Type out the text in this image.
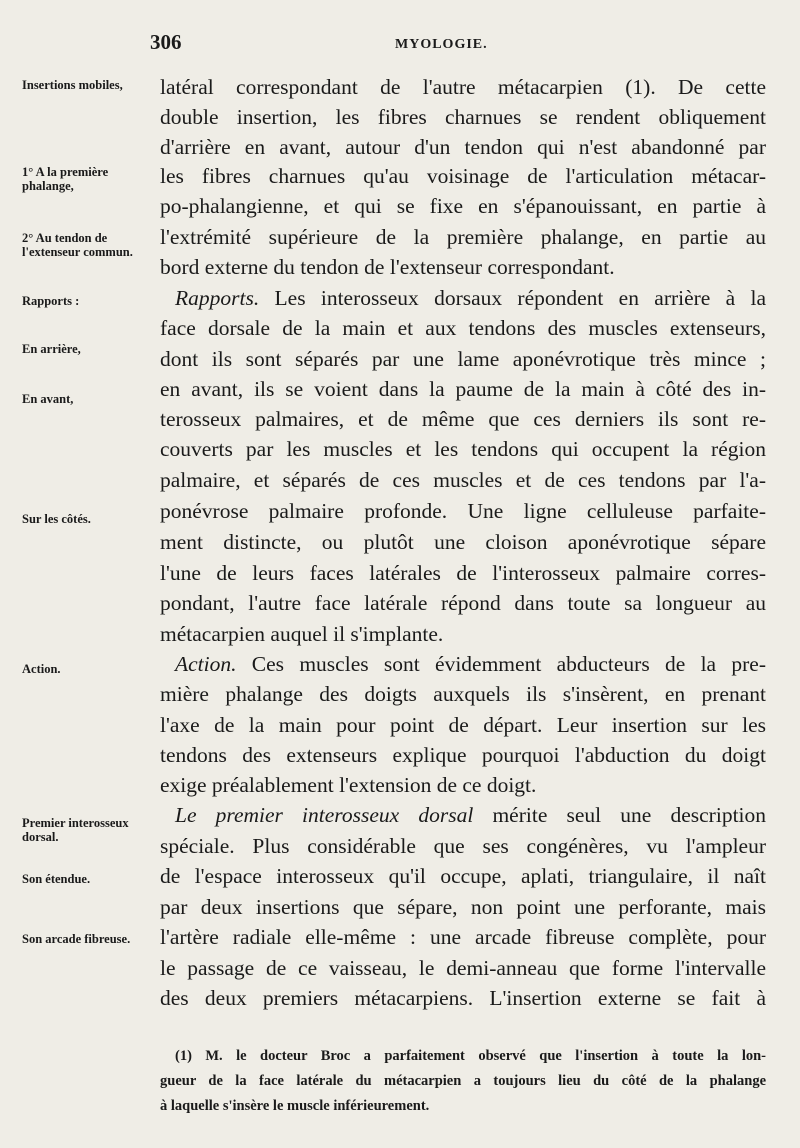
306	MYOLOGIE.
Insertions mobiles,
1° A la première phalange,
2° Au tendon de l'extenseur commun.
Rapports :
En arrière,
En avant,
Sur les côtés.
Action.
Premier interosseux dorsal.
Son étendue.
Son arcade fibreuse.
latéral correspondant de l'autre métacarpien (1). De cette
double insertion, les fibres charnues se rendent obliquement
d'arrière en avant, autour d'un tendon qui n'est abandonné par
les fibres charnues qu'au voisinage de l'articulation métacar-
po-phalangienne, et qui se fixe en s'épanouissant, en partie à
l'extrémité supérieure de la première phalange, en partie au
bord externe du tendon de l'extenseur correspondant.
Rapports. Les interosseux dorsaux répondent en arrière à la
face dorsale de la main et aux tendons des muscles extenseurs,
dont ils sont séparés par une lame aponévrotique très mince ;
en avant, ils se voient dans la paume de la main à côté des in-
terosseux palmaires, et de même que ces derniers ils sont re-
couverts par les muscles et les tendons qui occupent la région
palmaire, et séparés de ces muscles et de ces tendons par l'a-
ponévrose palmaire profonde. Une ligne celluleuse parfaite-
ment distincte, ou plutôt une cloison aponévrotique sépare
l'une de leurs faces latérales de l'interosseux palmaire corres-
pondant, l'autre face latérale répond dans toute sa longueur au
métacarpien auquel il s'implante.
Action. Ces muscles sont évidemment abducteurs de la pre-
mière phalange des doigts auxquels ils s'insèrent, en prenant
l'axe de la main pour point de départ. Leur insertion sur les
tendons des extenseurs explique pourquoi l'abduction du doigt
exige préalablement l'extension de ce doigt.
Le premier interosseux dorsal mérite seul une description
spéciale. Plus considérable que ses congénères, vu l'ampleur
de l'espace interosseux qu'il occupe, aplati, triangulaire, il naît
par deux insertions que sépare, non point une perforante, mais
l'artère radiale elle-même : une arcade fibreuse complète, pour
le passage de ce vaisseau, le demi-anneau que forme l'intervalle
des deux premiers métacarpiens. L'insertion externe se fait à
(1) M. le docteur Broc a parfaitement observé que l'insertion à toute la lon-
gueur de la face latérale du métacarpien a toujours lieu du côté de la phalange
à laquelle s'insère le muscle inférieurement.
